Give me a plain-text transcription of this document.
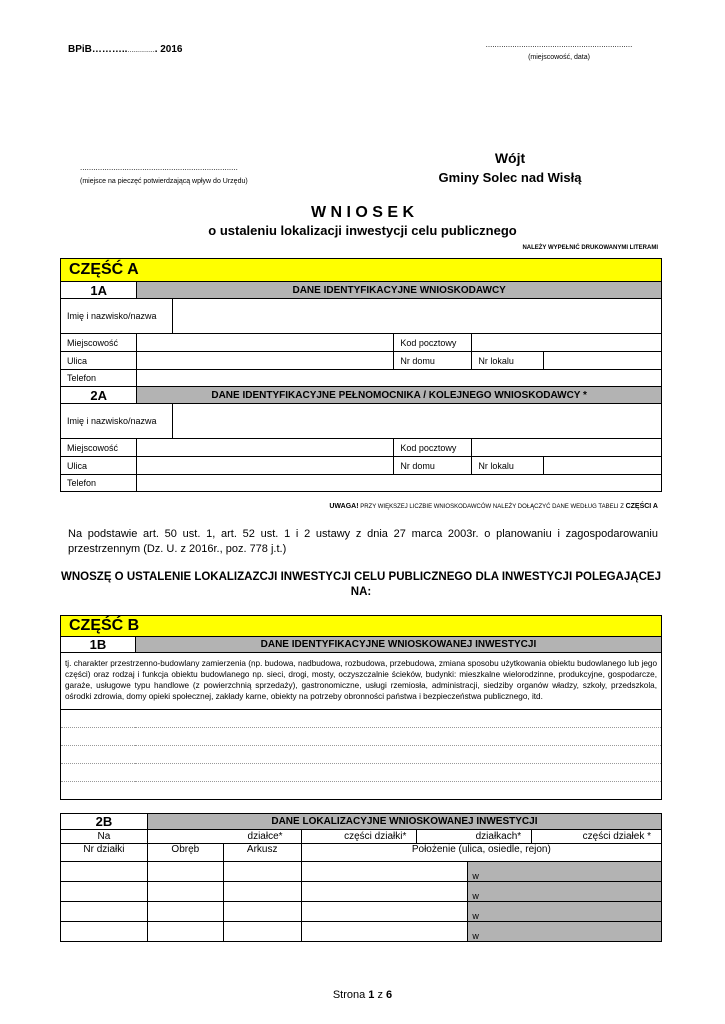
BPiB………................. 2016	..................................................................
(miejscowość, data)
.......................................................................
(miejsce na pieczęć potwierdzającą wpływ do Urzędu)
Wójt
Gminy Solec nad Wisłą
W N I O S E K
o ustaleniu lokalizacji inwestycji celu publicznego
NALEŻY WYPEŁNIĆ DRUKOWANYMI LITERAMI
CZĘŚĆ A
1A	DANE IDENTYFIKACYJNE WNIOSKODAWCY				
Imię i nazwisko/nazwa					
Miejscowość			Kod pocztowy		
Ulica			Nr domu	Nr lokalu	
Telefon					
2A	DANE IDENTYFIKACYJNE PEŁNOMOCNIKA / KOLEJNEGO WNIOSKODAWCY *				
Imię i nazwisko/nazwa					
Miejscowość			Kod pocztowy		
Ulica			Nr domu	Nr lokalu	
Telefon					
UWAGA! PRZY WIĘKSZEJ LICZBIE WNIOSKODAWCÓW NALEŻY DOŁĄCZYĆ DANE WEDŁUG TABELI Z CZĘŚCI A
Na podstawie art. 50 ust. 1, art. 52 ust. 1 i 2 ustawy z dnia 27 marca 2003r. o planowaniu i zagospodarowaniu przestrzennym (Dz. U. z 2016r., poz. 778 j.t.)
WNOSZĘ O USTALENIE LOKALIZAZCJI INWESTYCJI CELU PUBLICZNEGO DLA INWESTYCJI POLEGAJĄCEJ NA:
CZĘŚĆ B
1B	DANE IDENTYFIKACYJNE WNIOSKOWANEJ INWESTYCJI
tj. charakter przestrzenno-budowlany zamierzenia (np. budowa, nadbudowa, rozbudowa, przebudowa, zmiana sposobu użytkowania obiektu budowlanego lub jego części) oraz rodzaj i funkcja obiektu budowlanego np. sieci, drogi, mosty, oczyszczalnie ścieków, budynki: mieszkalne wielorodzinne, produkcyjne, gospodarcze, garaże, usługowe typu handlowe (z powierzchnią sprzedaży), gastronomiczne, usługi rzemiosła, administracji, siedziby organów władzy, szkoły, przedszkola, ośrodki zdrowia, domy opieki społecznej, zakłady karne, obiekty na potrzeby obronności państwa i bezpieczeństwa publicznego, itd.

2B	DANE LOKALIZACYJNE WNIOSKOWANEJ INWESTYCJI
Na	działce*	części działki*	działkach*	części działek *
Nr działki	Obręb	Arkusz	Położenie (ulica, osiedle, rejon)	
				w
				w
				w
				w
Strona 1 z 6
